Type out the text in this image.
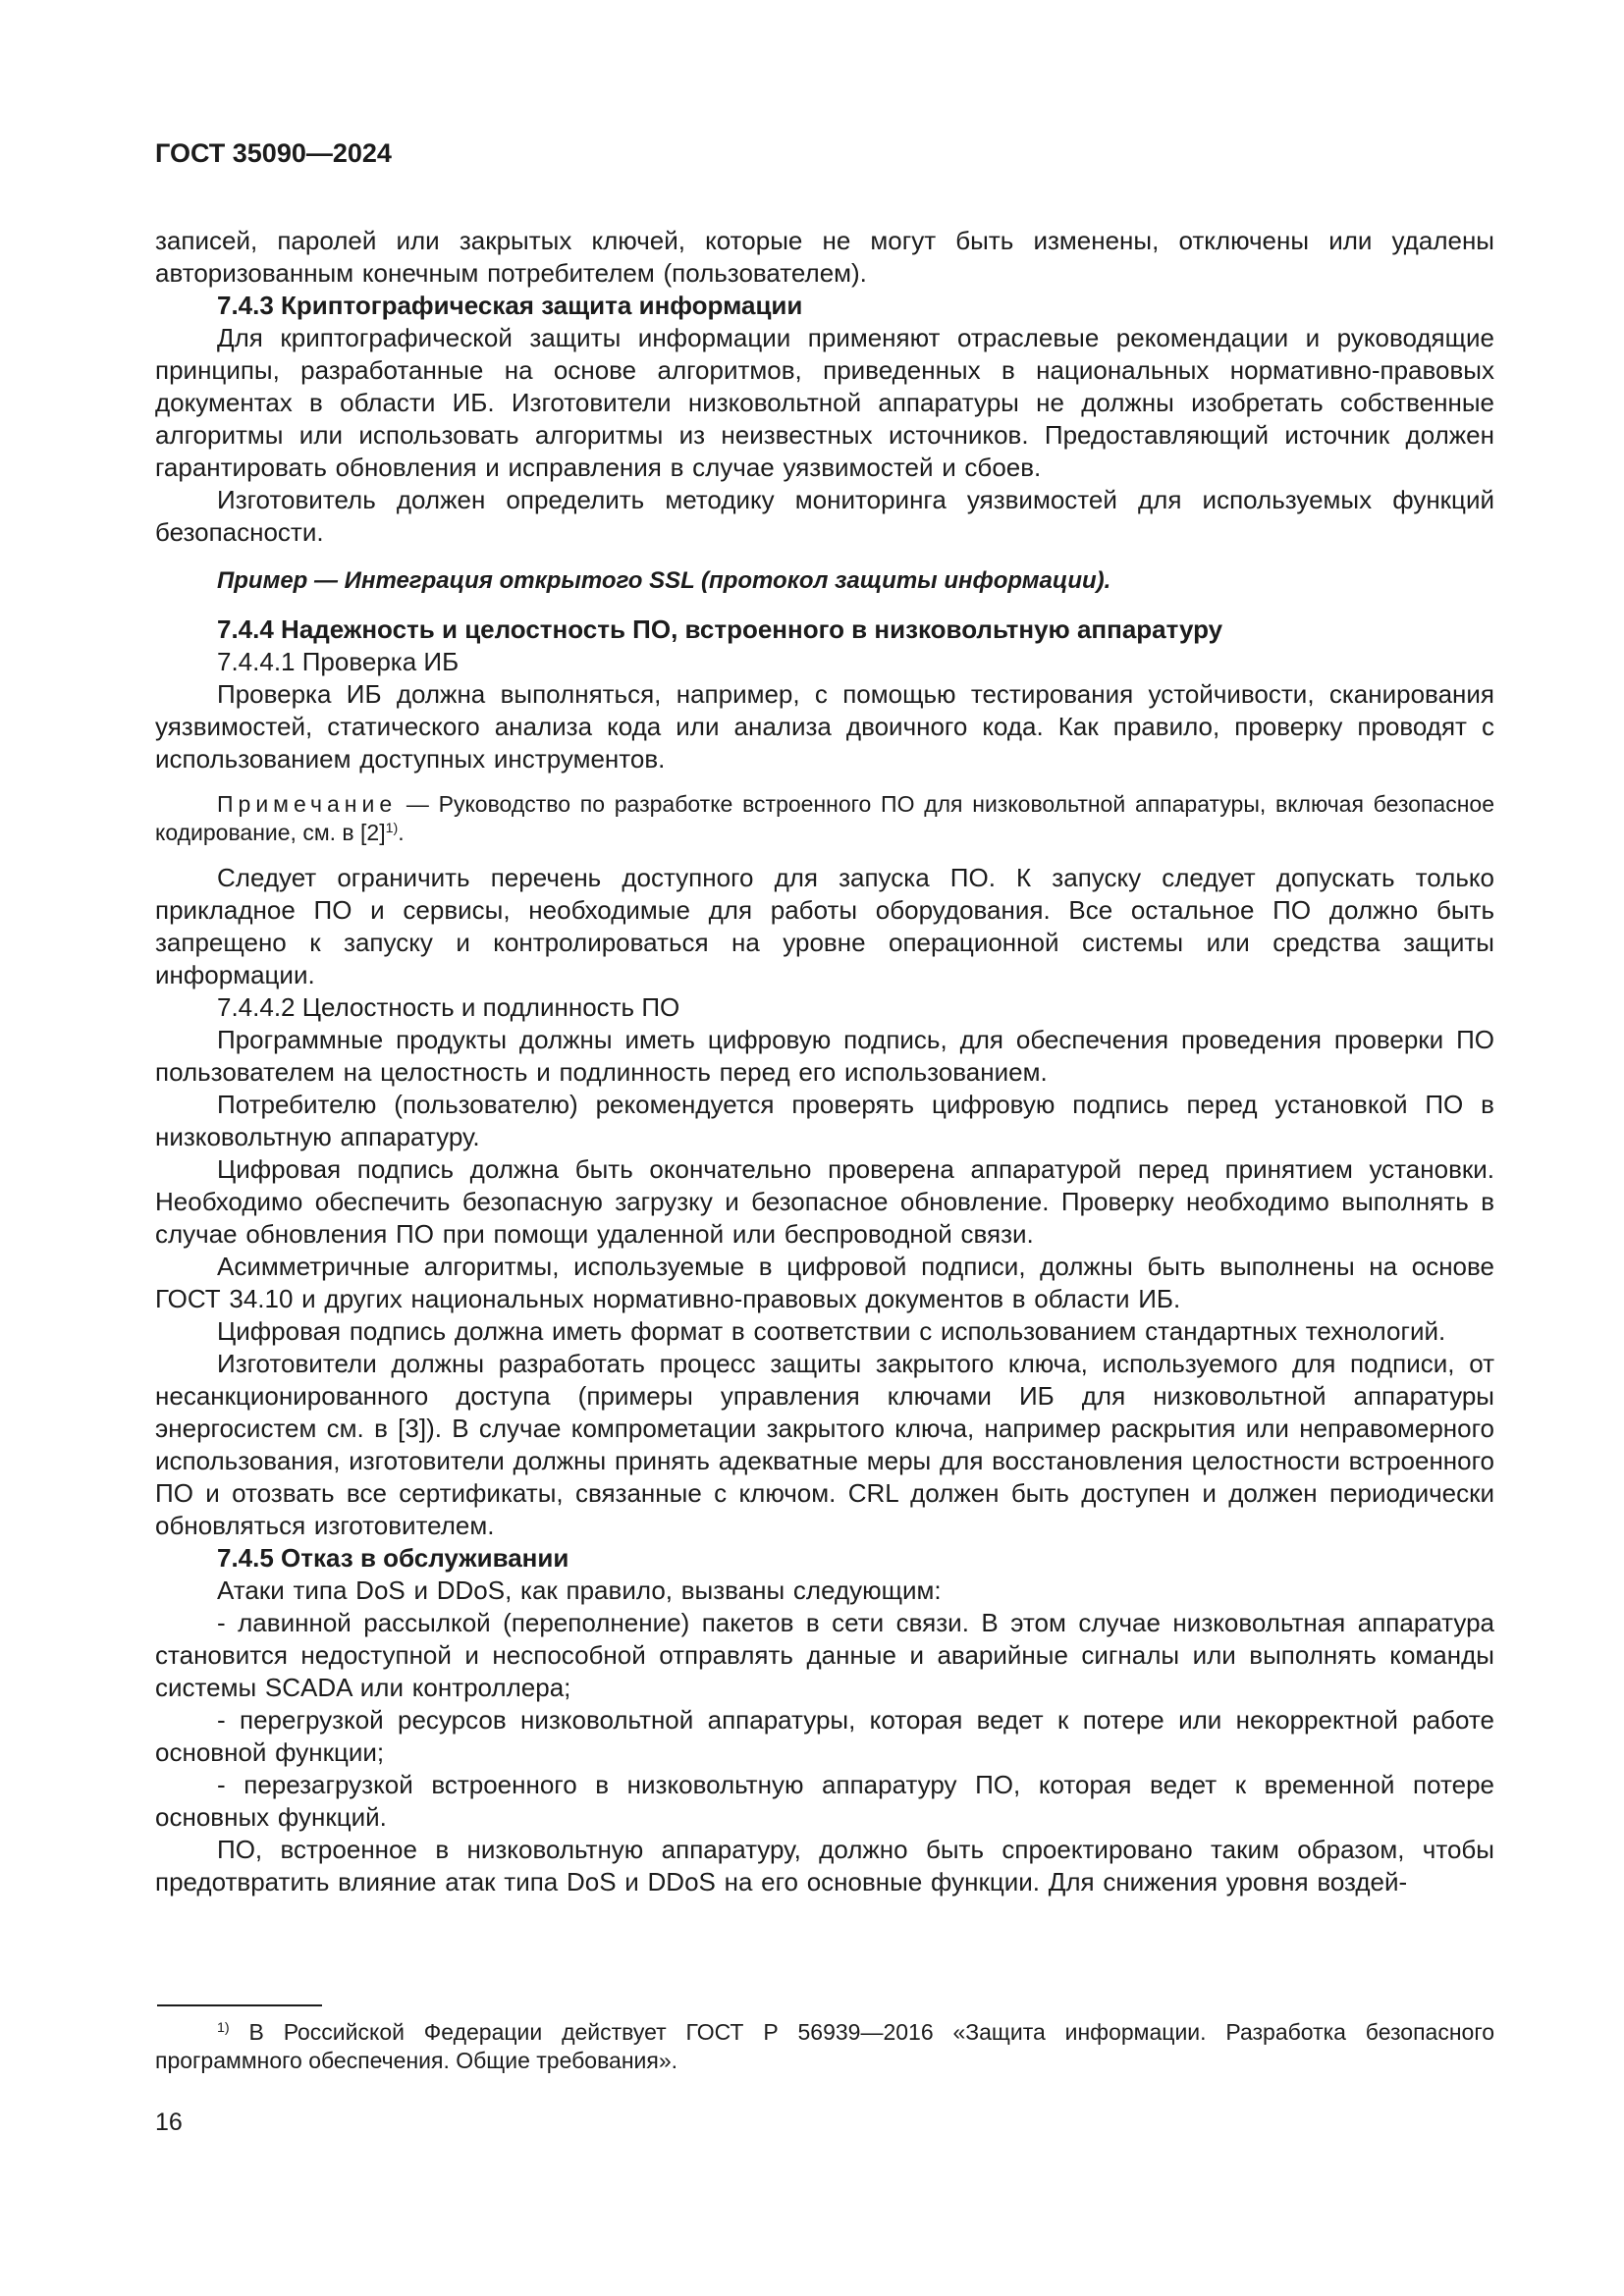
ГОСТ 35090—2024

записей, паролей или закрытых ключей, которые не могут быть изменены, отключены или удалены авторизованным конечным потребителем (пользователем).

7.4.3 Криптографическая защита информации

Для криптографической защиты информации применяют отраслевые рекомендации и руководящие принципы, разработанные на основе алгоритмов, приведенных в национальных нормативно-правовых документах в области ИБ. Изготовители низковольтной аппаратуры не должны изобретать собственные алгоритмы или использовать алгоритмы из неизвестных источников. Предоставляющий источник должен гарантировать обновления и исправления в случае уязвимостей и сбоев.

Изготовитель должен определить методику мониторинга уязвимостей для используемых функций безопасности.

Пример — Интеграция открытого SSL (протокол защиты информации).

7.4.4 Надежность и целостность ПО, встроенного в низковольтную аппаратуру

7.4.4.1 Проверка ИБ

Проверка ИБ должна выполняться, например, с помощью тестирования устойчивости, сканирования уязвимостей, статического анализа кода или анализа двоичного кода. Как правило, проверку проводят с использованием доступных инструментов.

Примечание — Руководство по разработке встроенного ПО для низковольтной аппаратуры, включая безопасное кодирование, см. в $[2]^{1)}$.

Следует ограничить перечень доступного для запуска ПО. К запуску следует допускать только прикладное ПО и сервисы, необходимые для работы оборудования. Все остальное ПО должно быть запрещено к запуску и контролироваться на уровне операционной системы или средства защиты информации.

7.4.4.2 Целостность и подлинность ПО

Программные продукты должны иметь цифровую подпись, для обеспечения проведения проверки ПО пользователем на целостность и подлинность перед его использованием.

Потребителю (пользователю) рекомендуется проверять цифровую подпись перед установкой ПО в низковольтную аппаратуру.

Цифровая подпись должна быть окончательно проверена аппаратурой перед принятием установки. Необходимо обеспечить безопасную загрузку и безопасное обновление. Проверку необходимо выполнять в случае обновления ПО при помощи удаленной или беспроводной связи.

Асимметричные алгоритмы, используемые в цифровой подписи, должны быть выполнены на основе ГОСТ 34.10 и других национальных нормативно-правовых документов в области ИБ.

Цифровая подпись должна иметь формат в соответствии с использованием стандартных технологий.

Изготовители должны разработать процесс защиты закрытого ключа, используемого для подписи, от несанкционированного доступа (примеры управления ключами ИБ для низковольтной аппаратуры энергосистем см. в [3]). В случае компрометации закрытого ключа, например раскрытия или неправомерного использования, изготовители должны принять адекватные меры для восстановления целостности встроенного ПО и отозвать все сертификаты, связанные с ключом. CRL должен быть доступен и должен периодически обновляться изготовителем.

7.4.5 Отказ в обслуживании

Атаки типа DoS и DDoS, как правило, вызваны следующим:

- лавинной рассылкой (переполнение) пакетов в сети связи. В этом случае низковольтная аппаратура становится недоступной и неспособной отправлять данные и аварийные сигналы или выполнять команды системы SCADA или контроллера;

- перегрузкой ресурсов низковольтной аппаратуры, которая ведет к потере или некорректной работе основной функции;

- перезагрузкой встроенного в низковольтную аппаратуру ПО, которая ведет к временной потере основных функций.

ПО, встроенное в низковольтную аппаратуру, должно быть спроектировано таким образом, чтобы предотвратить влияние атак типа DoS и DDoS на его основные функции. Для снижения уровня воздей-

$^{1)}$ В Российской Федерации действует ГОСТ Р 56939—2016 «Защита информации. Разработка безопасного программного обеспечения. Общие требования».

16
